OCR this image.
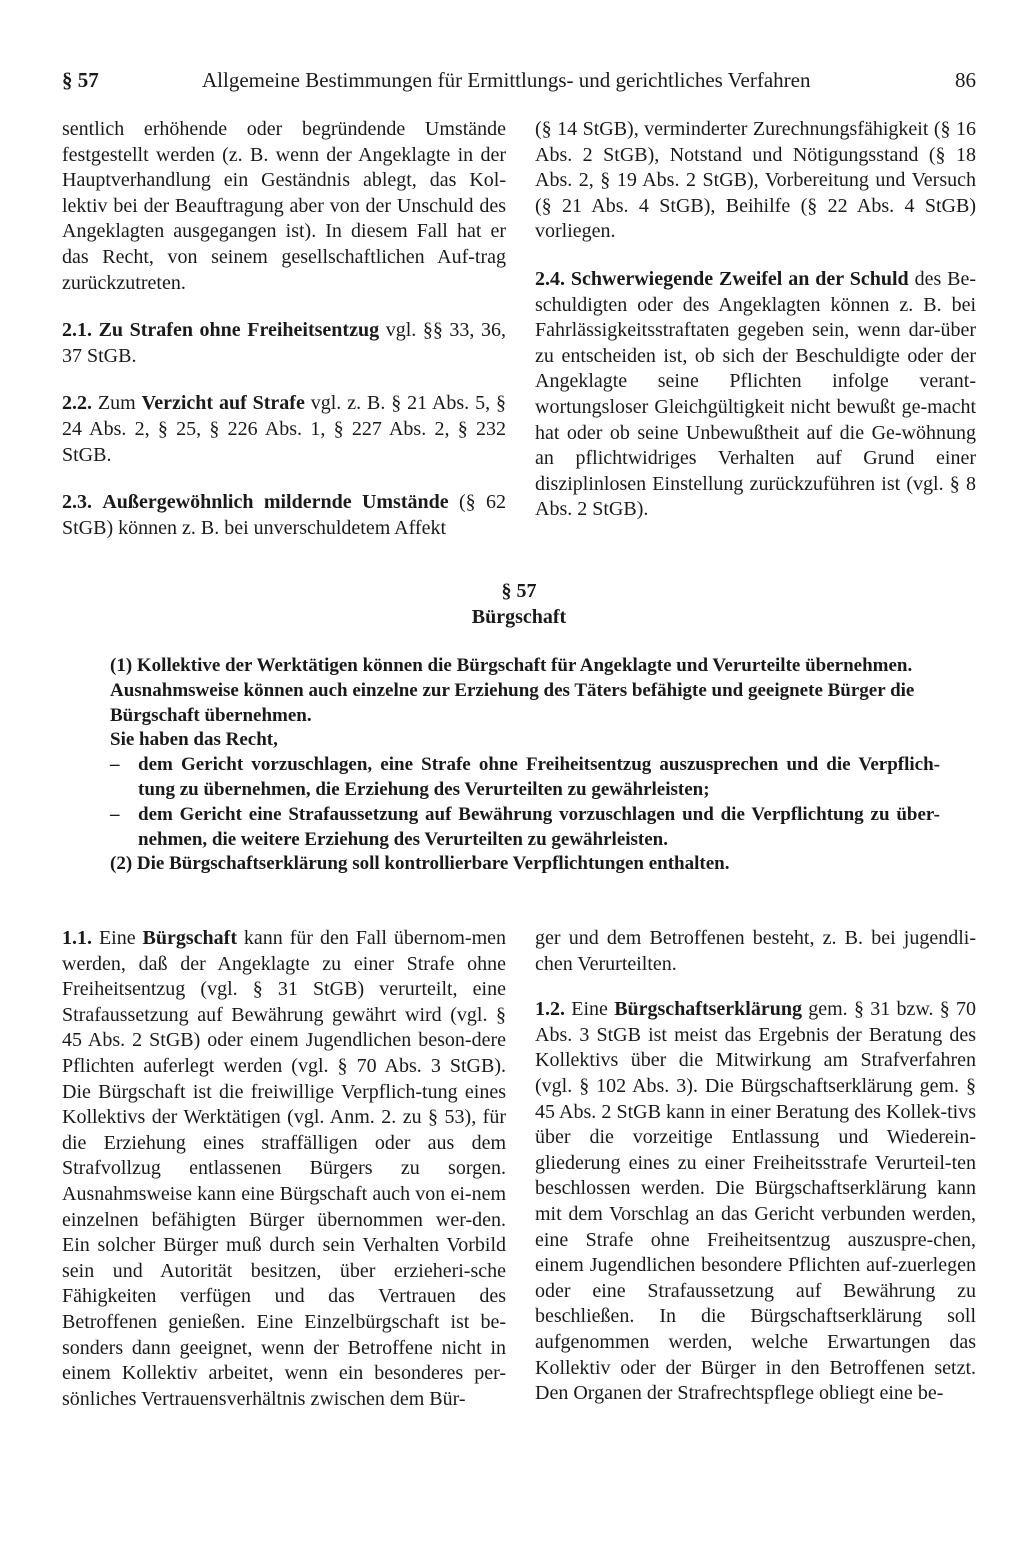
§ 57	Allgemeine Bestimmungen für Ermittlungs- und gerichtliches Verfahren	86

sentlich erhöhende oder begründende Umstände festgestellt werden (z. B. wenn der Angeklagte in der Hauptverhandlung ein Geständnis ablegt, das Kol-lektiv bei der Beauftragung aber von der Unschuld des Angeklagten ausgegangen ist). In diesem Fall hat er das Recht, von seinem gesellschaftlichen Auf-trag zurückzutreten.

2.1. Zu Strafen ohne Freiheitsentzug vgl. §§ 33, 36, 37 StGB.

2.2. Zum Verzicht auf Strafe vgl. z. B. § 21 Abs. 5, § 24 Abs. 2, § 25, § 226 Abs. 1, § 227 Abs. 2, § 232 StGB.

2.3. Außergewöhnlich mildernde Umstände (§ 62 StGB) können z. B. bei unverschuldetem Affekt

(§ 14 StGB), verminderter Zurechnungsfähigkeit (§ 16 Abs. 2 StGB), Notstand und Nötigungsstand (§ 18 Abs. 2, § 19 Abs. 2 StGB), Vorbereitung und Versuch (§ 21 Abs. 4 StGB), Beihilfe (§ 22 Abs. 4 StGB) vorliegen.

2.4. Schwerwiegende Zweifel an der Schuld des Be-schuldigten oder des Angeklagten können z. B. bei Fahrlässigkeitsstraftaten gegeben sein, wenn dar-über zu entscheiden ist, ob sich der Beschuldigte oder der Angeklagte seine Pflichten infolge verant-wortungsloser Gleichgültigkeit nicht bewußt ge-macht hat oder ob seine Unbewußtheit auf die Ge-wöhnung an pflichtwidriges Verhalten auf Grund einer disziplinlosen Einstellung zurückzuführen ist (vgl. § 8 Abs. 2 StGB).

§ 57
Bürgschaft
(1) Kollektive der Werktätigen können die Bürgschaft für Angeklagte und Verurteilte übernehmen.
Ausnahmsweise können auch einzelne zur Erziehung des Täters befähigte und geeignete Bürger die Bürgschaft übernehmen.
Sie haben das Recht,
– dem Gericht vorzuschlagen, eine Strafe ohne Freiheitsentzug auszusprechen und die Verpflich-tung zu übernehmen, die Erziehung des Verurteilten zu gewährleisten;
– dem Gericht eine Strafaussetzung auf Bewährung vorzuschlagen und die Verpflichtung zu über-nehmen, die weitere Erziehung des Verurteilten zu gewährleisten.
(2) Die Bürgschaftserklärung soll kontrollierbare Verpflichtungen enthalten.

1.1. Eine Bürgschaft kann für den Fall übernom-men werden, daß der Angeklagte zu einer Strafe ohne Freiheitsentzug (vgl. § 31 StGB) verurteilt, eine Strafaussetzung auf Bewährung gewährt wird (vgl. § 45 Abs. 2 StGB) oder einem Jugendlichen beson-dere Pflichten auferlegt werden (vgl. § 70 Abs. 3 StGB). Die Bürgschaft ist die freiwillige Verpflich-tung eines Kollektivs der Werktätigen (vgl. Anm. 2. zu § 53), für die Erziehung eines straffälligen oder aus dem Strafvollzug entlassenen Bürgers zu sorgen. Ausnahmsweise kann eine Bürgschaft auch von ei-nem einzelnen befähigten Bürger übernommen wer-den. Ein solcher Bürger muß durch sein Verhalten Vorbild sein und Autorität besitzen, über erzieheri-sche Fähigkeiten verfügen und das Vertrauen des Betroffenen genießen. Eine Einzelbürgschaft ist be-sonders dann geeignet, wenn der Betroffene nicht in einem Kollektiv arbeitet, wenn ein besonderes per-sönliches Vertrauensverhältnis zwischen dem Bür-

ger und dem Betroffenen besteht, z. B. bei jugendli-chen Verurteilten.

1.2. Eine Bürgschaftserklärung gem. § 31 bzw. § 70 Abs. 3 StGB ist meist das Ergebnis der Beratung des Kollektivs über die Mitwirkung am Strafverfahren (vgl. § 102 Abs. 3). Die Bürgschaftserklärung gem. § 45 Abs. 2 StGB kann in einer Beratung des Kollek-tivs über die vorzeitige Entlassung und Wiederein-gliederung eines zu einer Freiheitsstrafe Verurteil-ten beschlossen werden. Die Bürgschaftserklärung kann mit dem Vorschlag an das Gericht verbunden werden, eine Strafe ohne Freiheitsentzug auszuspre-chen, einem Jugendlichen besondere Pflichten auf-zuerlegen oder eine Strafaussetzung auf Bewährung zu beschließen. In die Bürgschaftserklärung soll aufgenommen werden, welche Erwartungen das Kollektiv oder der Bürger in den Betroffenen setzt. Den Organen der Strafrechtspflege obliegt eine be-
